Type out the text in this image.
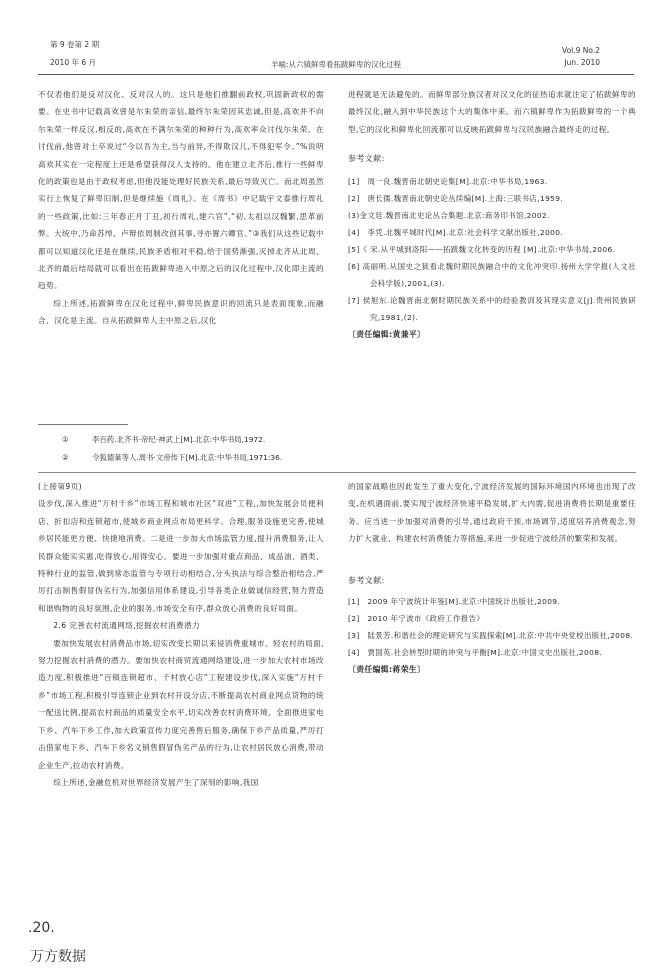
第 9 卷第 2 期
2010 年 6 月	羊喻:从六镇鲜卑看拓跋鲜卑的汉化过程
Vol.9 No.2
Jun. 2010

不仅表他们是反对汉化、反对汉人的。这只是他们推翻前政权,巩固新政权的需要。在史书中记载高欢曾是尔朱荣的亲信,最终尔朱荣因其忠诚,但是,高欢并不向尔朱荣一样反汉,相反的,高欢在不满尔朱荣的种种行为,高欢率众讨伐尔朱荣。在讨伐前,他曾对士卒说过“今以吾为主,当与前异,不得欺汉儿,不得犯军令。”%说明高欢其实在一定程度上还是希望获得汉人支持的。他在建立北齐后,推行一些鲜卑化的政策也是由于政权考虑,但他没能处理好民族关系,最后导致灭亡。而北周虽然实行上恢复了鲜卑旧制,但是继续施《周礼》。在《周书》中记载宇文泰推行周礼的一些政策,比如:三年春正月丁丑,初行周礼,建六官”,“初,太祖以汉魏繁,思革前弊。大统中,乃命苏绰、卢辩依周制改创其事,寻亦置六卿官。”③我们从这些记载中都可以知道汉化还是在继续,民族矛盾相对平稳,给于国势渐强,灭掉北齐从北周、北齐的最后结局就可以看出在拓跋鲜卑进入中原之后的汉化过程中,汉化即主流的趋势。

综上所述,拓跋鲜卑在汉化过程中,鲜卑民族意识的回流只是表面现象,而融合、汉化是主流。自从拓跋鲜卑人主中原之后,汉化

进程就是无法避免的。而鲜卑部分族汉者对汉文化的征热追求就注定了拓跋鲜卑的最终汉化,融入到中华民族这个大的集体中来。而六镇鲜卑作为拓跋鲜卑的一个典型,它的汉化和鲜卑化回流都可以反映拓跋鲜卑与汉民族融合最终走的过程。

参考文献:

[1]　周一良.魏晋南北朝史论集[M].北京:中华书局,1963.

[2]　唐长孺.魏晋南北朝史论丛续编[M].上海:三联书店,1959.

(3)金文廷.魏晋南北史论丛合集题.北京:商务印书馆,2002.

[4]　李凭.北魏平城时代[M].北京:社会科学文献出版社,2000.

[5]《 宋.从平城到洛阳——拓跋魏文化转变的历程 [M].北京:中华书局,2006.

[6] 高丽明.从国史之狱看北魏时期民族融合中的文化冲突印.扬州大学学报(人文社会科学版),2001,(3).

[7] 侯旭东.论魏晋南北朝时期民族关系中的经验教训及其现实意义[J].贵州民族研究,1981,(2).

〔责任编辑:黄兼平〕

①	李百药.北齐书·帝纪·神武上[M].北京:中华书局,1972.
②	令狐德棻等人.周书·文帝传下[M].北京:中华书局,1971:36.

(上接第9页)

设步伐,深入推进“万村千乡”市场工程和城市社区“双进”工程,,加快发展会员便利店、折扣店和连锁超市,使城乡商业网点布局更科学、合理,服务设施更完善,使城乡居民能更方便、快捷地消费。二是进一步加大市场监管力度,提升消费服务,让人民群众能实实惠,吃得放心,用得安心。要进一步加强对重点商品、成品油、酒类、特种行业的监管,做到常态监管与专项行动相结合,分头执法与综合整治相结合,严厉打击制售假冒伪劣行为,加强信用体系建设,引导各类企业做诚信经营,努力营造和谐购物的良好氛围,企业的服务,市场安全有序,群众放心消费的良好局面。

2.6 完善农村流通网络,挖掘农村消费潜力

要加快发展农村消费品市场,切实改变长期以来侵消费重城市、轻农村的局面,努力挖掘农村消费的潜力。要加快农村商贸流通网络建设,进一步加大农村市场改造力度,积极推进“百镇连锁超市、千村放心店”工程建设步伐,深入实施“万村千乡”市场工程,积极引导连锁企业到农村开设分店,不断提高农村商业网点货物的统一配送比例,提高农村商品的质量安全水平,切实改善农村消费环境。全面推进家电下乡、汽车下乡工作,加大政策宣传力度完善售后服务,确保下乡产品质量,严厉打击借家电下乡、汽车下乡名义销售假冒伪劣产品的行为,让农村居民放心消费,带动企业生产,拉动农村消费。

综上所述,金融危机对世界经济发展产生了深刻的影响,我国

的国家战略也因此发生了重大变化,宁波经济发展的国际环境国内环境也出现了改变,在机遇面前,要实现宁波经济快速平稳发展,扩大内需,促进消费将长期是重要任务。应当进一步加强对消费的引导,通过政府干预,市场调节,适度培养消费观念,努力扩大就业、构建农村消费能力等措施,来进一步促进宁波经济的繁荣和发展。

参考文献:

[1]　2009 年宁波统计年鉴[M].北京:中国统计出版社,2009.

[2]　2010 年宁波市《政府工作报告》

[3]　陆景芳.和谐社会的理论研究与实践探索[M].北京:中共中央党校出版社,2008.

[4]　贾国英.社会转型时期的冲突与平衡[M].北京:中国文史出版社,2008.

〔责任编辑:蒋荣生〕

.20.
万方数据
